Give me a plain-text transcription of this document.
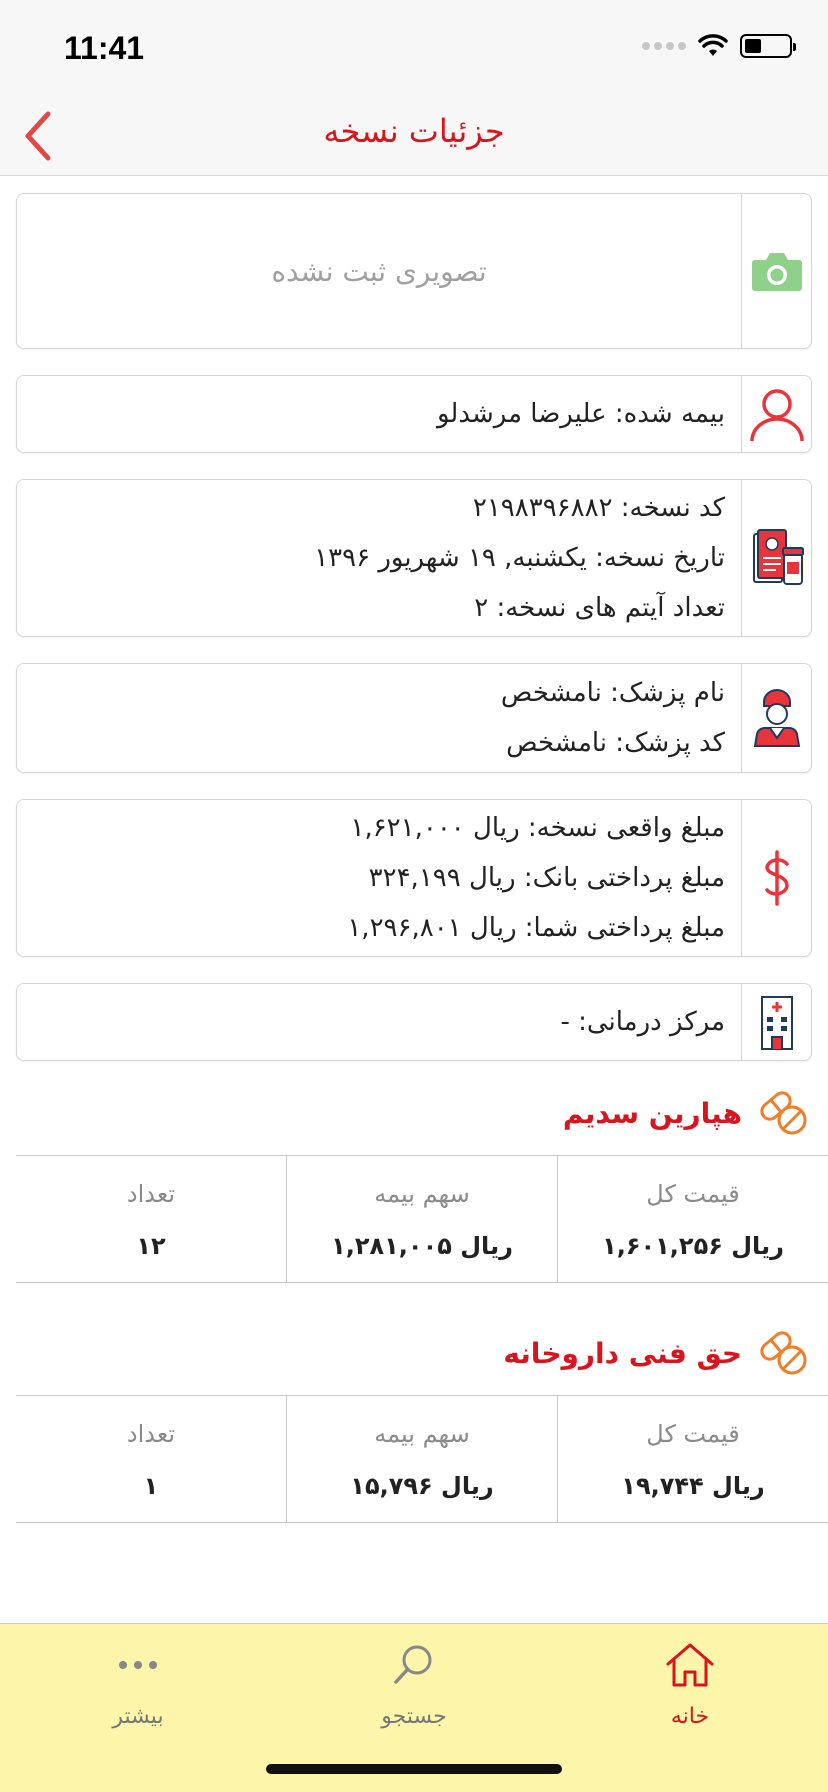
11:41
جزئیات نسخه
تصویری ثبت نشده
بیمه شده: علیرضا مرشدلو
کد نسخه: ۲۱۹۸۳۹۶۸۸۲
تاریخ نسخه: یکشنبه, ۱۹ شهریور ۱۳۹۶
تعداد آیتم های نسخه: ۲
نام پزشک: نامشخص
کد پزشک: نامشخص
مبلغ واقعی نسخه: ریال ۱,۶۲۱,۰۰۰
مبلغ پرداختی بانک: ریال ۳۲۴,۱۹۹
مبلغ پرداختی شما: ریال ۱,۲۹۶,۸۰۱
مرکز درمانی: -
هپارین سدیم
تعداد
۱۲
سهم بیمه
ریال ۱,۲۸۱,۰۰۵
قیمت کل
ریال ۱,۶۰۱,۲۵۶
حق فنی داروخانه
تعداد
۱
سهم بیمه
ریال ۱۵,۷۹۶
قیمت کل
ریال ۱۹,۷۴۴
خانه
جستجو
بیشتر
